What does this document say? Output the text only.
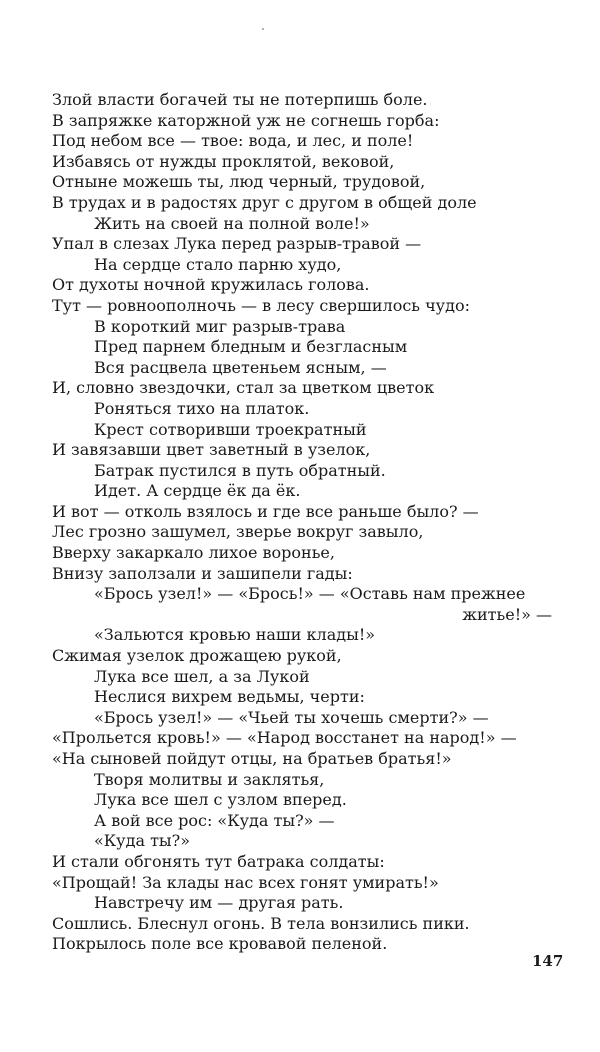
Злой власти богачей ты не потерпишь боле.
В запряжке каторжной уж не согнешь горба:
Под небом все — твое: вода, и лес, и поле!
Избавясь от нужды проклятой, вековой,
Отныне можешь ты, люд черный, трудовой,
В трудах и в радостях друг с другом в общей доле
Жить на своей на полной воле!»
Упал в слезах Лука перед разрыв-травой —
На сердце стало парню худо,
От духоты ночной кружилась голова.
Тут — ровноополночь — в лесу свершилось чудо:
В короткий миг разрыв-трава
Пред парнем бледным и безгласным
Вся расцвела цветеньем ясным, —
И, словно звездочки, стал за цветком цветок
Роняться тихо на платок.
Крест сотворивши троекратный
И завязавши цвет заветный в узелок,
Батрак пустился в путь обратный.
Идет. А сердце ёк да ёк.
И вот — отколь взялось и где все раньше было? —
Лес грозно зашумел, зверье вокруг завыло,
Вверху закаркало лихое воронье,
Внизу заползали и зашипели гады:
«Брось узел!» — «Брось!» — «Оставь нам прежнее
житье!» —
«Зальются кровью наши клады!»
Сжимая узелок дрожащею рукой,
Лука все шел, а за Лукой
Неслися вихрем ведьмы, черти:
«Брось узел!» — «Чьей ты хочешь смерти?» —
«Прольется кровь!» — «Народ восстанет на народ!» —
«На сыновей пойдут отцы, на братьев братья!»
Творя молитвы и заклятья,
Лука все шел с узлом вперед.
А вой все рос: «Куда ты?» —
«Куда ты?»
И стали обгонять тут батрака солдаты:
«Прощай! За клады нас всех гонят умирать!»
Навстречу им — другая рать.
Сошлись. Блеснул огонь. В тела вонзились пики.
Покрылось поле все кровавой пеленой.
147
